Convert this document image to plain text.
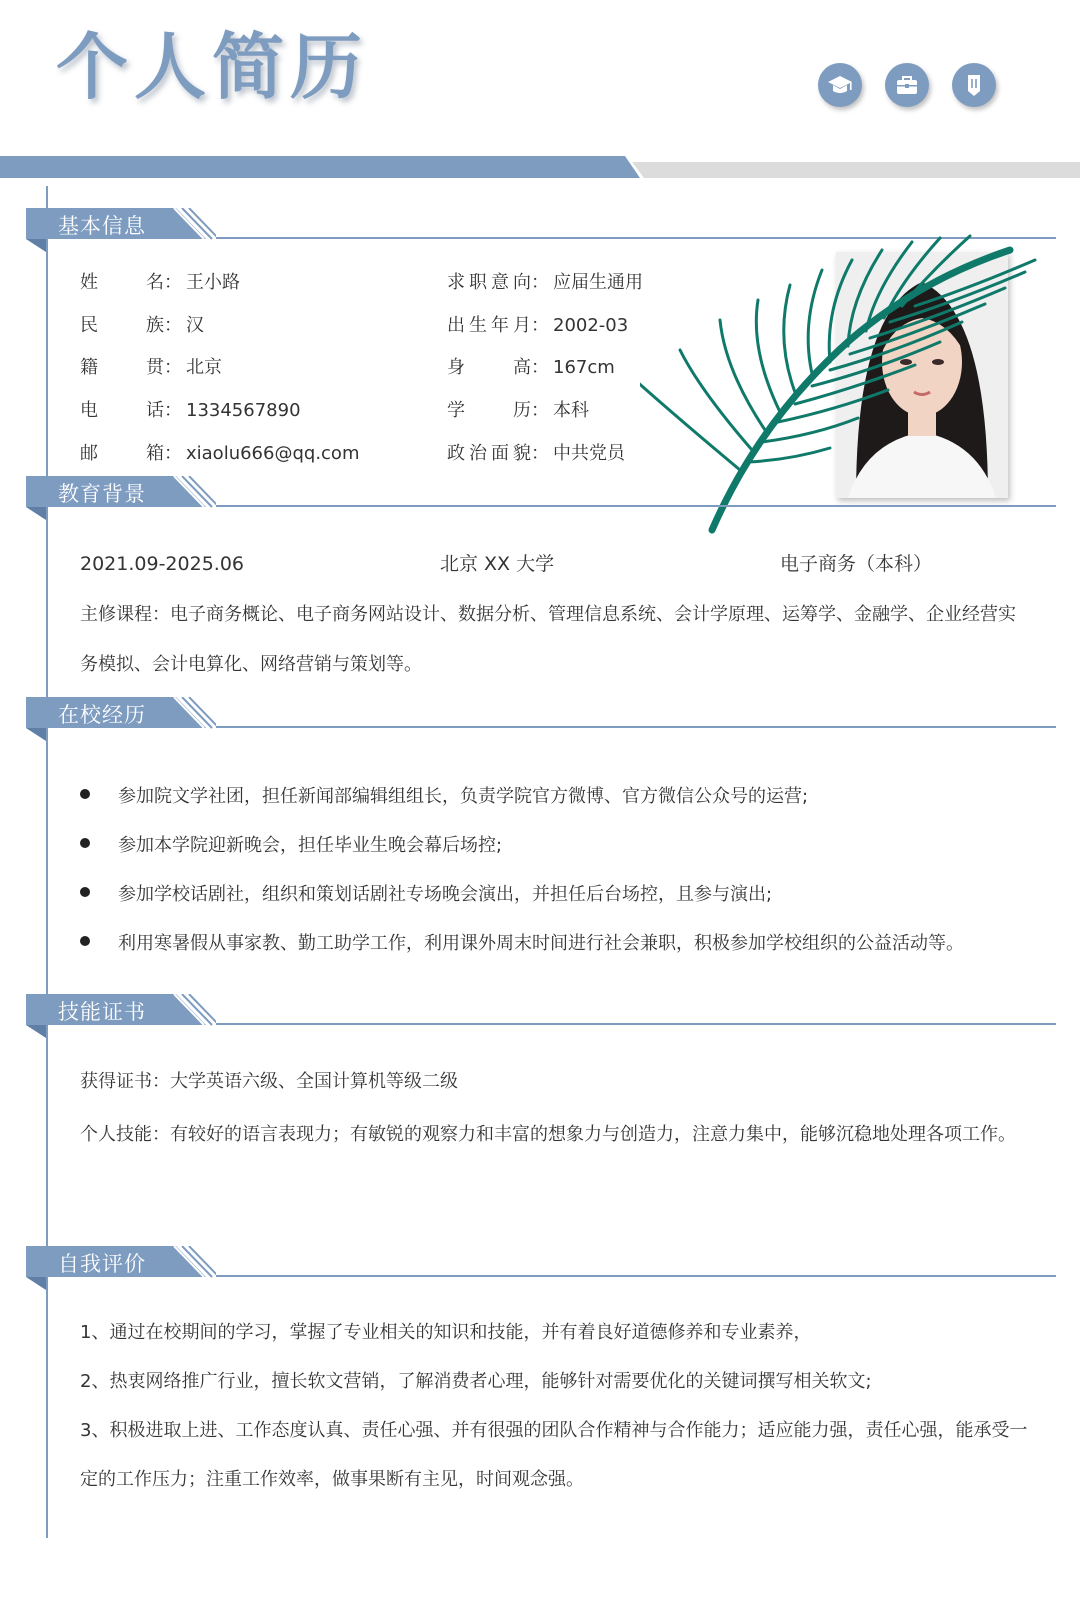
个人简历
基本信息
姓名： 王小路
民族： 汉
籍贯： 北京
电话： 1334567890
邮箱： xiaolu666@qq.com
求职意向： 应届生通用
出生年月： 2002-03
身高： 167cm
学历： 本科
政治面貌： 中共党员
教育背景
2021.09-2025.06	北京 XX 大学	电子商务（本科）
主修课程：电子商务概论、电子商务网站设计、数据分析、管理信息系统、会计学原理、运筹学、金融学、企业经营实务模拟、会计电算化、网络营销与策划等。
在校经历
参加院文学社团，担任新闻部编辑组组长，负责学院官方微博、官方微信公众号的运营;
参加本学院迎新晚会，担任毕业生晚会幕后场控;
参加学校话剧社，组织和策划话剧社专场晚会演出，并担任后台场控，且参与演出;
利用寒暑假从事家教、勤工助学工作，利用课外周末时间进行社会兼职，积极参加学校组织的公益活动等。
技能证书
获得证书：大学英语六级、全国计算机等级二级
个人技能：有较好的语言表现力；有敏锐的观察力和丰富的想象力与创造力，注意力集中，能够沉稳地处理各项工作。
自我评价
1、通过在校期间的学习，掌握了专业相关的知识和技能，并有着良好道德修养和专业素养，
2、热衷网络推广行业，擅长软文营销，了解消费者心理，能够针对需要优化的关键词撰写相关软文;
3、积极进取上进、工作态度认真、责任心强、并有很强的团队合作精神与合作能力；适应能力强，责任心强，能承受一定的工作压力；注重工作效率，做事果断有主见，时间观念强。
